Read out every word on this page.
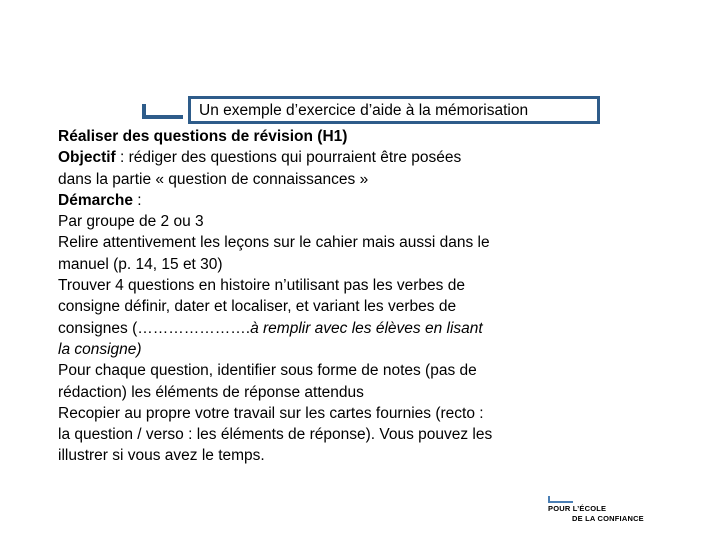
Un exemple d’exercice d’aide à la mémorisation
Réaliser des questions de révision (H1)
Objectif : rédiger des questions qui pourraient être posées
dans la partie « question de connaissances »
Démarche :
Par groupe de 2 ou 3
Relire attentivement les leçons sur le cahier mais aussi dans le
manuel (p. 14, 15 et 30)
Trouver 4 questions en histoire n’utilisant pas les verbes de
consigne définir, dater et localiser, et variant les verbes de
consignes (………………….à remplir avec les élèves en lisant
la consigne)
Pour chaque question, identifier sous forme de notes (pas de
rédaction) les éléments de réponse attendus
Recopier au propre votre travail sur les cartes fournies (recto :
la question / verso : les éléments de réponse). Vous pouvez les
illustrer si vous avez le temps.
POUR L’ÉCOLE
DE LA CONFIANCE
